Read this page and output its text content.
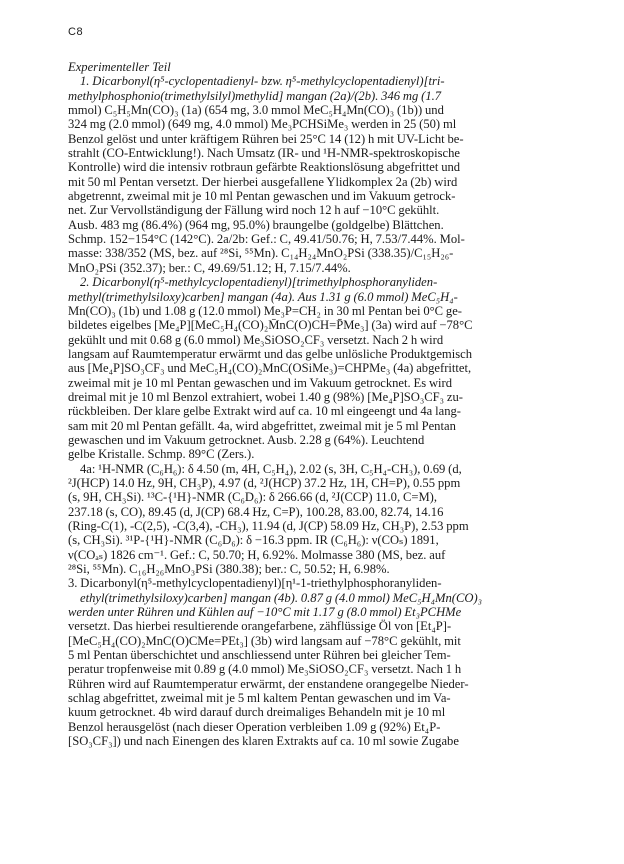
C8
Experimenteller Teil
1. Dicarbonyl(η⁵-cyclopentadienyl- bzw. η⁵-methylcyclopentadienyl)[tri-
methylphosphonio(trimethylsilyl)methylid] mangan (2a)/(2b). 346 mg (1.7
mmol) C₅H₅Mn(CO)₃ (1a) (654 mg, 3.0 mmol MeC₅H₄Mn(CO)₃ (1b)) und
324 mg (2.0 mmol) (649 mg, 4.0 mmol) Me₃PCHSiMe₃ werden in 25 (50) ml
Benzol gelöst und unter kräftigem Rühren bei 25°C 14 (12) h mit UV-Licht be-
strahlt (CO-Entwicklung!). Nach Umsatz (IR- und ¹H-NMR-spektroskopische
Kontrolle) wird die intensiv rotbraun gefärbte Reaktionslösung abgefrittet und
mit 50 ml Pentan versetzt. Der hierbei ausgefallene Ylidkomplex 2a (2b) wird
abgetrennt, zweimal mit je 10 ml Pentan gewaschen und im Vakuum getrock-
net. Zur Vervollständigung der Fällung wird noch 12 h auf −10°C gekühlt.
Ausb. 483 mg (86.4%) (964 mg, 95.0%) braungelbe (goldgelbe) Blättchen.
Schmp. 152−154°C (142°C). 2a/2b: Gef.: C, 49.41/50.76; H, 7.53/7.44%. Mol-
masse: 338/352 (MS, bez. auf ²⁸Si, ⁵⁵Mn). C₁₄H₂₄MnO₂PSi (338.35)/C₁₅H₂₆-
MnO₂PSi (352.37); ber.: C, 49.69/51.12; H, 7.15/7.44%.
2. Dicarbonyl(η⁵-methylcyclopentadienyl)[trimethylphosphoranyliden-
methyl(trimethylsiloxy)carben] mangan (4a). Aus 1.31 g (6.0 mmol) MeC₅H₄-
Mn(CO)₃ (1b) und 1.08 g (12.0 mmol) Me₃P=CH₂ in 30 ml Pentan bei 0°C ge-
bildetes eigelbes [Me₄P][MeC₅H₄(CO)₂M̄nC(O)CH=P̄Me₃] (3a) wird auf −78°C
gekühlt und mit 0.68 g (6.0 mmol) Me₃SiOSO₂CF₃ versetzt. Nach 2 h wird
langsam auf Raumtemperatur erwärmt und das gelbe unlösliche Produktgemisch
aus [Me₄P]SO₃CF₃ und MeC₅H₄(CO)₂MnC(OSiMe₃)=CHPMe₃ (4a) abgefrittet,
zweimal mit je 10 ml Pentan gewaschen und im Vakuum getrocknet. Es wird
dreimal mit je 10 ml Benzol extrahiert, wobei 1.40 g (98%) [Me₄P]SO₃CF₃ zu-
rückbleiben. Der klare gelbe Extrakt wird auf ca. 10 ml eingeengt und 4a lang-
sam mit 20 ml Pentan gefällt. 4a, wird abgefrittet, zweimal mit je 5 ml Pentan
gewaschen und im Vakuum getrocknet. Ausb. 2.28 g (64%). Leuchtend
gelbe Kristalle. Schmp. 89°C (Zers.).
4a: ¹H-NMR (C₆H₆): δ 4.50 (m, 4H, C₅H₄), 2.02 (s, 3H, C₅H₄-CH₃), 0.69 (d,
²J(HCP) 14.0 Hz, 9H, CH₃P), 4.97 (d, ²J(HCP) 37.2 Hz, 1H, CH=P), 0.55 ppm
(s, 9H, CH₃Si). ¹³C-{¹H}-NMR (C₆D₆): δ 266.66 (d, ²J(CCP) 11.0, C=M),
237.18 (s, CO), 89.45 (d, J(CP) 68.4 Hz, C=P), 100.28, 83.00, 82.74, 14.16
(Ring-C(1), -C(2,5), -C(3,4), -CH₃), 11.94 (d, J(CP) 58.09 Hz, CH₃P), 2.53 ppm
(s, CH₃Si). ³¹P-{¹H}-NMR (C₆D₆): δ −16.3 ppm. IR (C₆H₆): ν(COₛ) 1891,
ν(COₐₛ) 1826 cm⁻¹. Gef.: C, 50.70; H, 6.92%. Molmasse 380 (MS, bez. auf
²⁸Si, ⁵⁵Mn). C₁₆H₂₆MnO₃PSi (380.38); ber.: C, 50.52; H, 6.98%.
3. Dicarbonyl(η⁵-methylcyclopentadienyl)[η¹-1-triethylphosphoranyliden-
ethyl(trimethylsiloxy)carben] mangan (4b). 0.87 g (4.0 mmol) MeC₅H₄Mn(CO)₃
werden unter Rühren und Kühlen auf −10°C mit 1.17 g (8.0 mmol) Et₃PCHMe
versetzt. Das hierbei resultierende orangefarbene, zähflüssige Öl von [Et₄P]-
[MeC₅H₄(CO)₂MnC(O)CMe=PEt₃] (3b) wird langsam auf −78°C gekühlt, mit
5 ml Pentan überschichtet und anschliessend unter Rühren bei gleicher Tem-
peratur tropfenweise mit 0.89 g (4.0 mmol) Me₃SiOSO₂CF₃ versetzt. Nach 1 h
Rühren wird auf Raumtemperatur erwärmt, der enstandene orangegelbe Nieder-
schlag abgefrittet, zweimal mit je 5 ml kaltem Pentan gewaschen und im Va-
kuum getrocknet. 4b wird darauf durch dreimaliges Behandeln mit je 10 ml
Benzol herausgelöst (nach dieser Operation verbleiben 1.09 g (92%) Et₄P-
[SO₃CF₃]) und nach Einengen des klaren Extrakts auf ca. 10 ml sowie Zugabe
